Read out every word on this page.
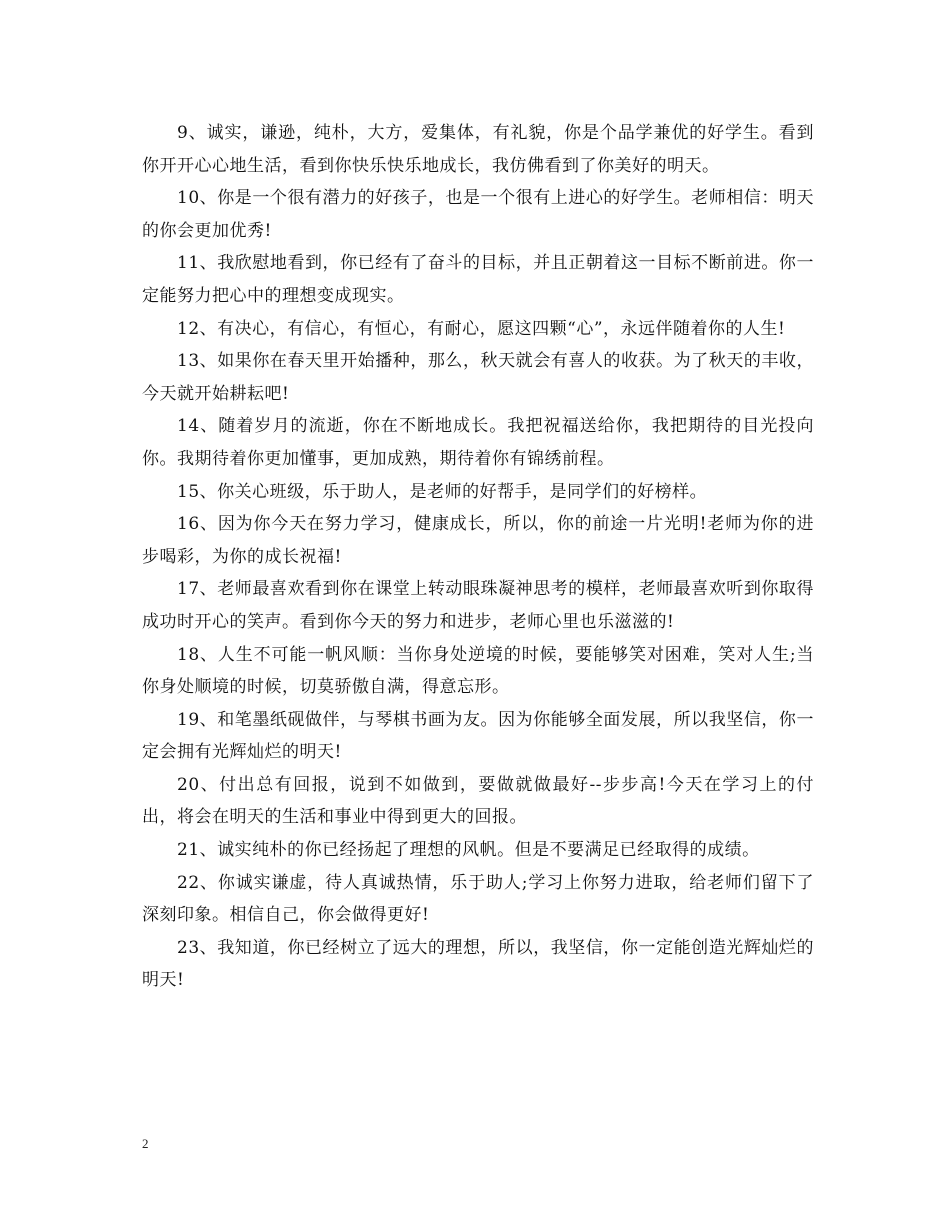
9、诚实，谦逊，纯朴，大方，爱集体，有礼貌，你是个品学兼优的好学生。看到你开开心心地生活，看到你快乐快乐地成长，我仿佛看到了你美好的明天。

10、你是一个很有潜力的好孩子，也是一个很有上进心的好学生。老师相信：明天的你会更加优秀!

11、我欣慰地看到，你已经有了奋斗的目标，并且正朝着这一目标不断前进。你一定能努力把心中的理想变成现实。

12、有决心，有信心，有恒心，有耐心，愿这四颗“心”，永远伴随着你的人生!

13、如果你在春天里开始播种，那么，秋天就会有喜人的收获。为了秋天的丰收，今天就开始耕耘吧!

14、随着岁月的流逝，你在不断地成长。我把祝福送给你，我把期待的目光投向你。我期待着你更加懂事，更加成熟，期待着你有锦绣前程。

15、你关心班级，乐于助人，是老师的好帮手，是同学们的好榜样。

16、因为你今天在努力学习，健康成长，所以，你的前途一片光明!老师为你的进步喝彩，为你的成长祝福!

17、老师最喜欢看到你在课堂上转动眼珠凝神思考的模样，老师最喜欢听到你取得成功时开心的笑声。看到你今天的努力和进步，老师心里也乐滋滋的!

18、人生不可能一帆风顺：当你身处逆境的时候，要能够笑对困难，笑对人生;当你身处顺境的时候，切莫骄傲自满，得意忘形。

19、和笔墨纸砚做伴，与琴棋书画为友。因为你能够全面发展，所以我坚信，你一定会拥有光辉灿烂的明天!

20、付出总有回报，说到不如做到，要做就做最好--步步高!今天在学习上的付出，将会在明天的生活和事业中得到更大的回报。

21、诚实纯朴的你已经扬起了理想的风帆。但是不要满足已经取得的成绩。

22、你诚实谦虚，待人真诚热情，乐于助人;学习上你努力进取，给老师们留下了深刻印象。相信自己，你会做得更好!

23、我知道，你已经树立了远大的理想，所以，我坚信，你一定能创造光辉灿烂的明天!

2
